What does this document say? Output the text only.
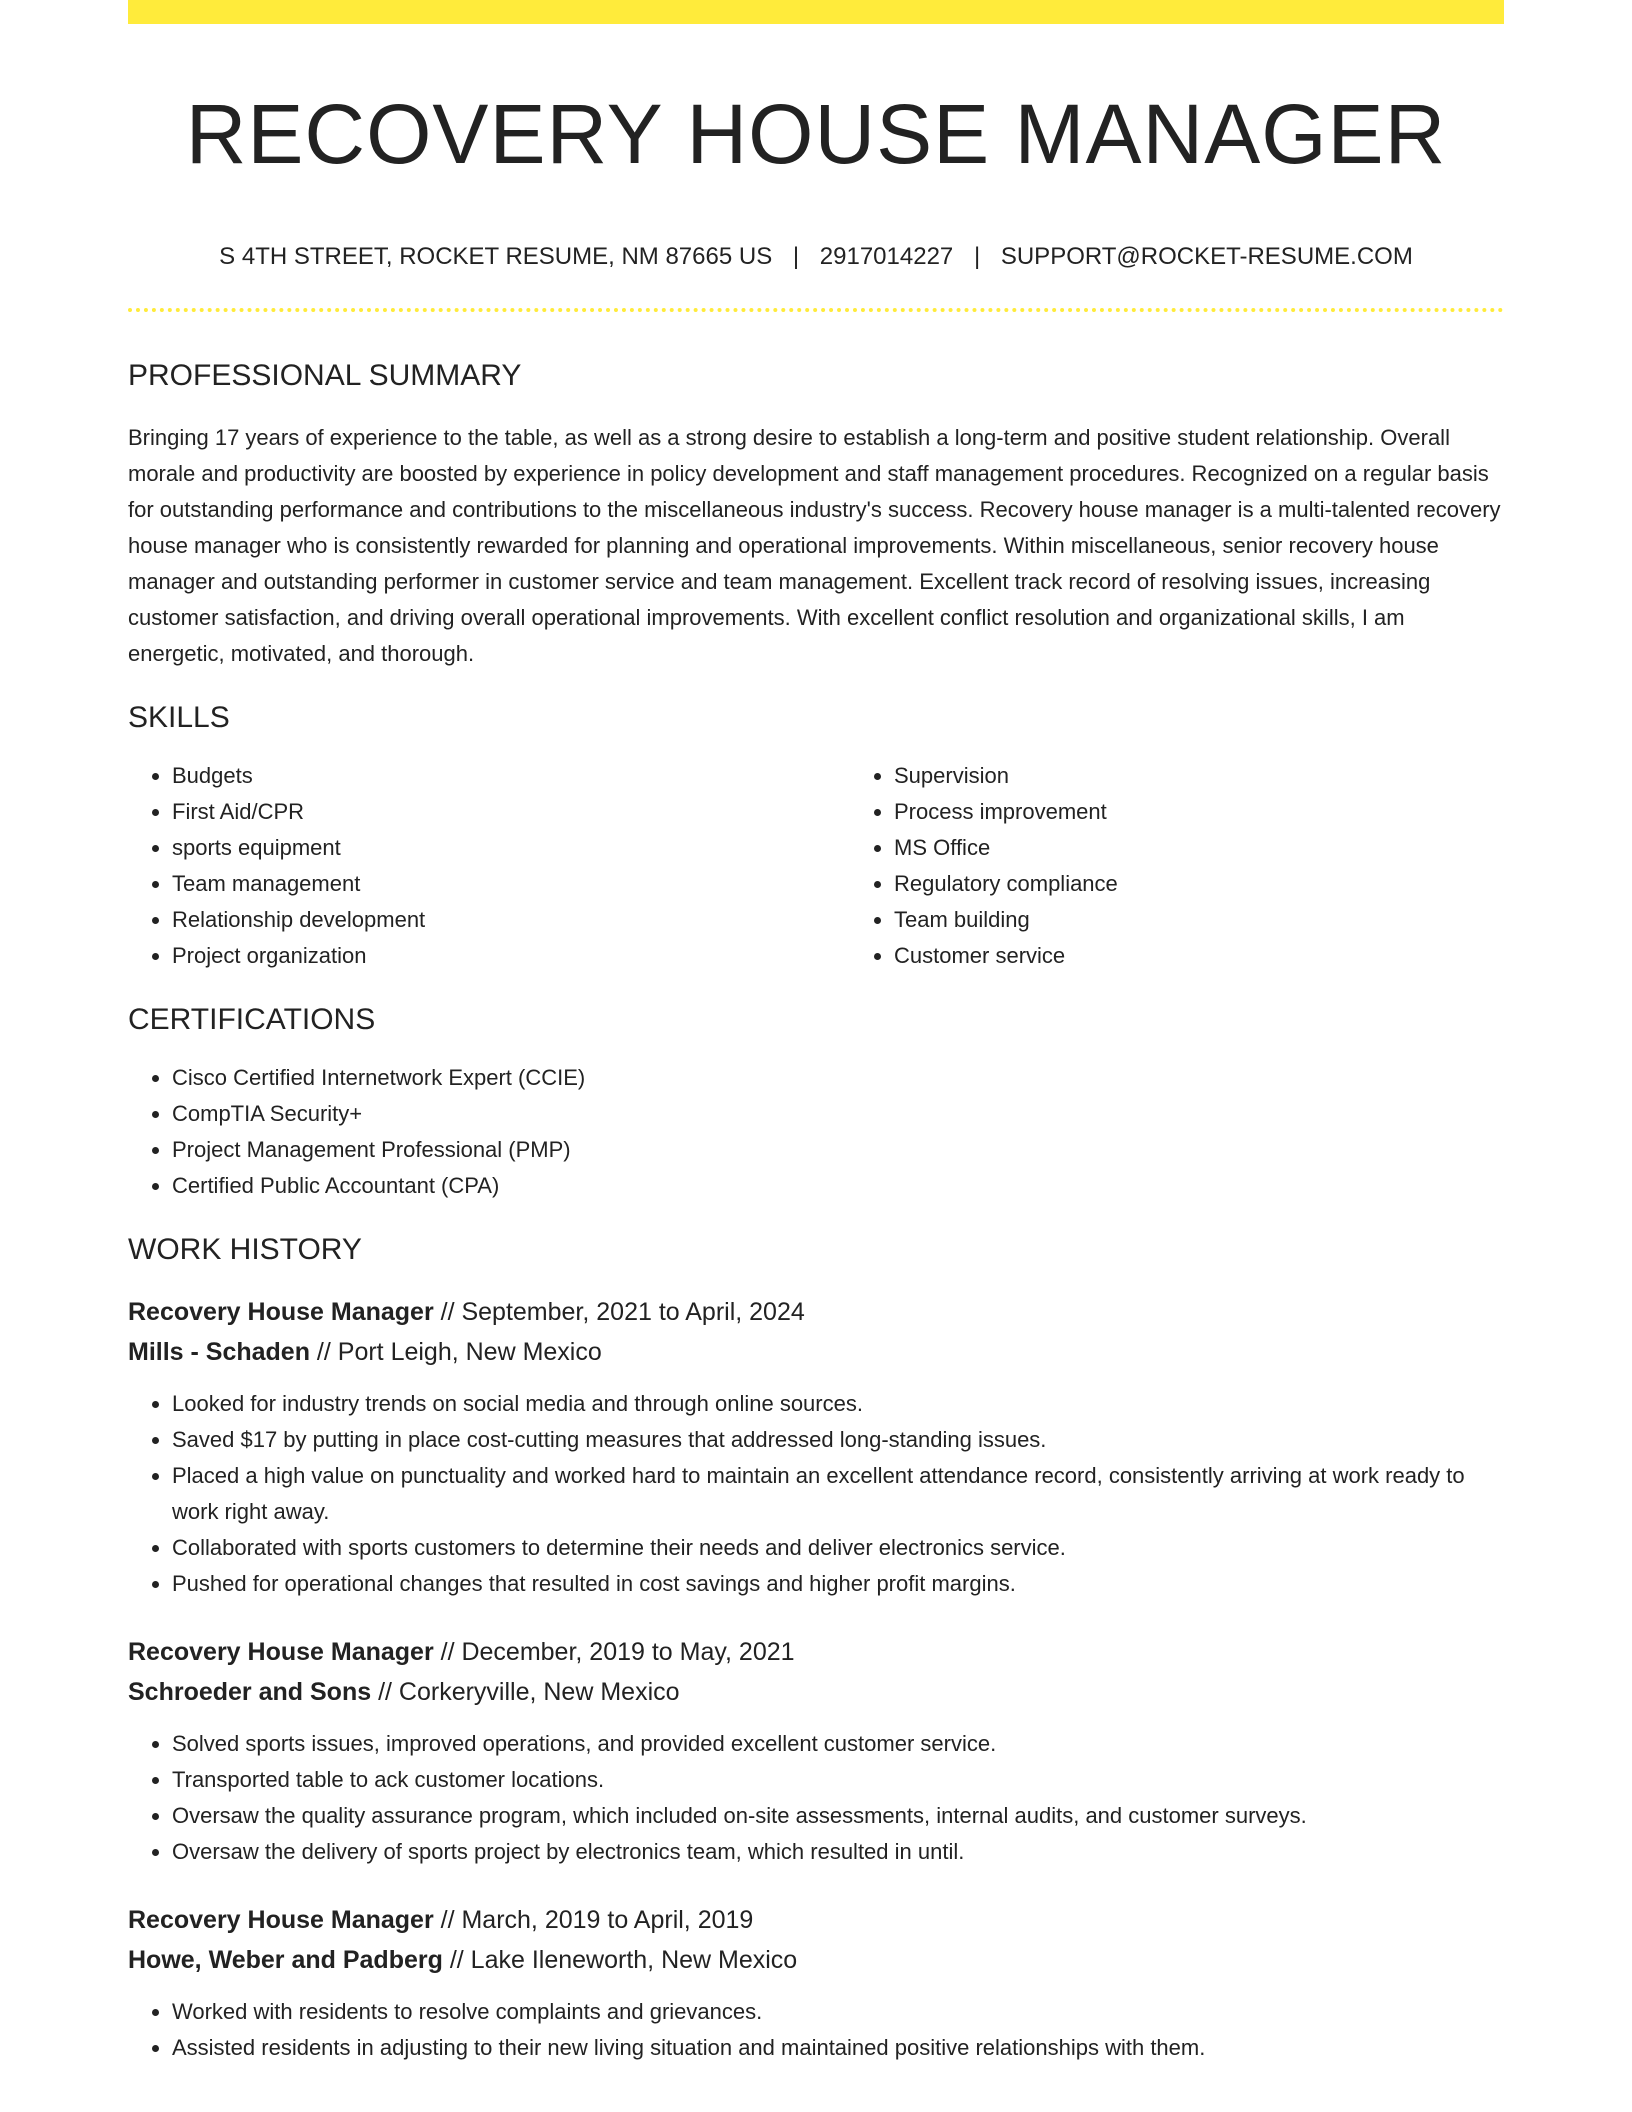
RECOVERY HOUSE MANAGER
S 4TH STREET, ROCKET RESUME, NM 87665 US | 2917014227 | SUPPORT@ROCKET-RESUME.COM
PROFESSIONAL SUMMARY

Bringing 17 years of experience to the table, as well as a strong desire to establish a long-term and positive student relationship. Overall morale and productivity are boosted by experience in policy development and staff management procedures. Recognized on a regular basis for outstanding performance and contributions to the miscellaneous industry's success. Recovery house manager is a multi-talented recovery house manager who is consistently rewarded for planning and operational improvements. Within miscellaneous, senior recovery house manager and outstanding performer in customer service and team management. Excellent track record of resolving issues, increasing customer satisfaction, and driving overall operational improvements. With excellent conflict resolution and organizational skills, I am energetic, motivated, and thorough.

SKILLS
• Budgets
• First Aid/CPR
• sports equipment
• Team management
• Relationship development
• Project organization
• Supervision
• Process improvement
• MS Office
• Regulatory compliance
• Team building
• Customer service
CERTIFICATIONS
• Cisco Certified Internetwork Expert (CCIE)
• CompTIA Security+
• Project Management Professional (PMP)
• Certified Public Accountant (CPA)
WORK HISTORY
Recovery House Manager // September, 2021 to April, 2024
Mills - Schaden // Port Leigh, New Mexico
• Looked for industry trends on social media and through online sources.
• Saved $17 by putting in place cost-cutting measures that addressed long-standing issues.
• Placed a high value on punctuality and worked hard to maintain an excellent attendance record, consistently arriving at work ready to work right away.
• Collaborated with sports customers to determine their needs and deliver electronics service.
• Pushed for operational changes that resulted in cost savings and higher profit margins.
Recovery House Manager // December, 2019 to May, 2021
Schroeder and Sons // Corkeryville, New Mexico
• Solved sports issues, improved operations, and provided excellent customer service.
• Transported table to ack customer locations.
• Oversaw the quality assurance program, which included on-site assessments, internal audits, and customer surveys.
• Oversaw the delivery of sports project by electronics team, which resulted in until.
Recovery House Manager // March, 2019 to April, 2019
Howe, Weber and Padberg // Lake Ileneworth, New Mexico
• Worked with residents to resolve complaints and grievances.
• Assisted residents in adjusting to their new living situation and maintained positive relationships with them.
